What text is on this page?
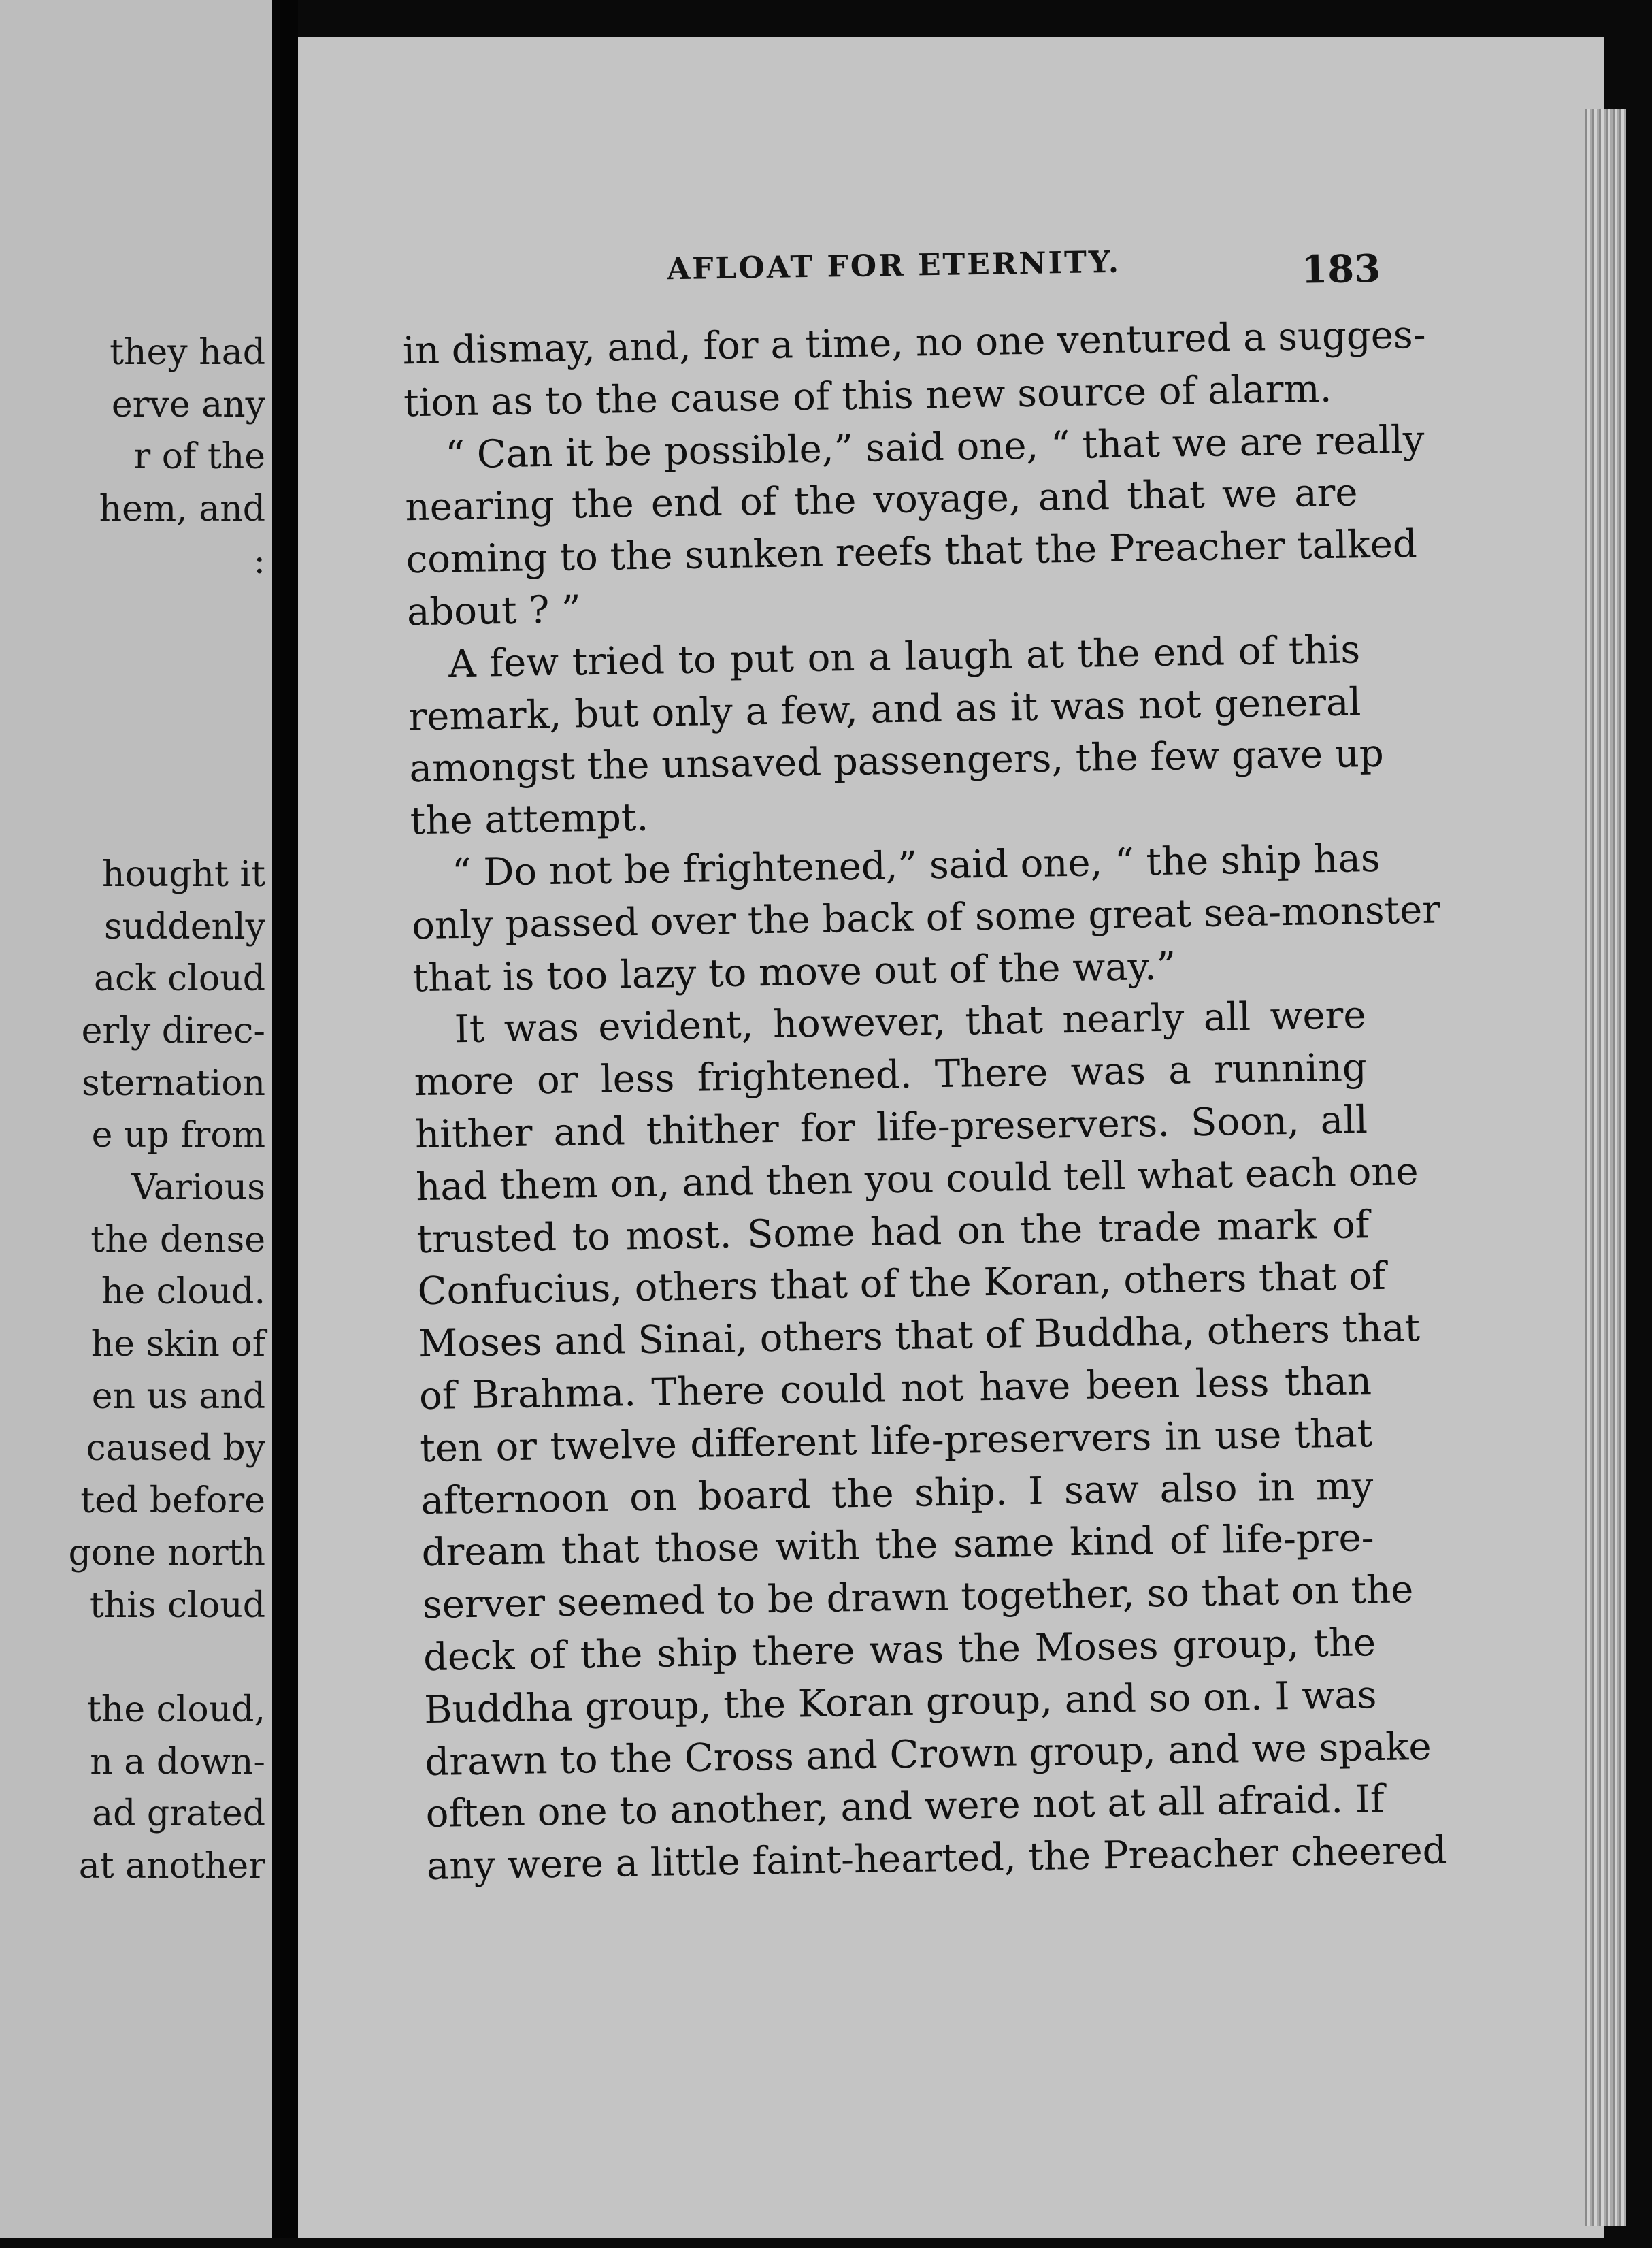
they had
erve any
r of the
hem, and
:
hought it
suddenly
ack cloud
erly direc-
sternation
e up from
Various
the dense
he cloud.
he skin of
en us and
caused by
ted before
gone north
this cloud
the cloud,
n a down-
ad grated
at another
AFLOAT FOR ETERNITY.	183
in dismay, and, for a time, no one ventured a sugges-
tion as to the cause of this new source of alarm.
“ Can it be possible,” said one, “ that we are really
nearing the end of the voyage, and that we are
coming to the sunken reefs that the Preacher talked
about ? ”
A few tried to put on a laugh at the end of this
remark, but only a few, and as it was not general
amongst the unsaved passengers, the few gave up
the attempt.
“ Do not be frightened,” said one, “ the ship has
only passed over the back of some great sea-monster
that is too lazy to move out of the way.”
It was evident, however, that nearly all were
more or less frightened. There was a running
hither and thither for life-preservers. Soon, all
had them on, and then you could tell what each one
trusted to most. Some had on the trade mark of
Confucius, others that of the Koran, others that of
Moses and Sinai, others that of Buddha, others that
of Brahma. There could not have been less than
ten or twelve different life-preservers in use that
afternoon on board the ship. I saw also in my
dream that those with the same kind of life-pre-
server seemed to be drawn together, so that on the
deck of the ship there was the Moses group, the
Buddha group, the Koran group, and so on. I was
drawn to the Cross and Crown group, and we spake
often one to another, and were not at all afraid. If
any were a little faint-hearted, the Preacher cheered
